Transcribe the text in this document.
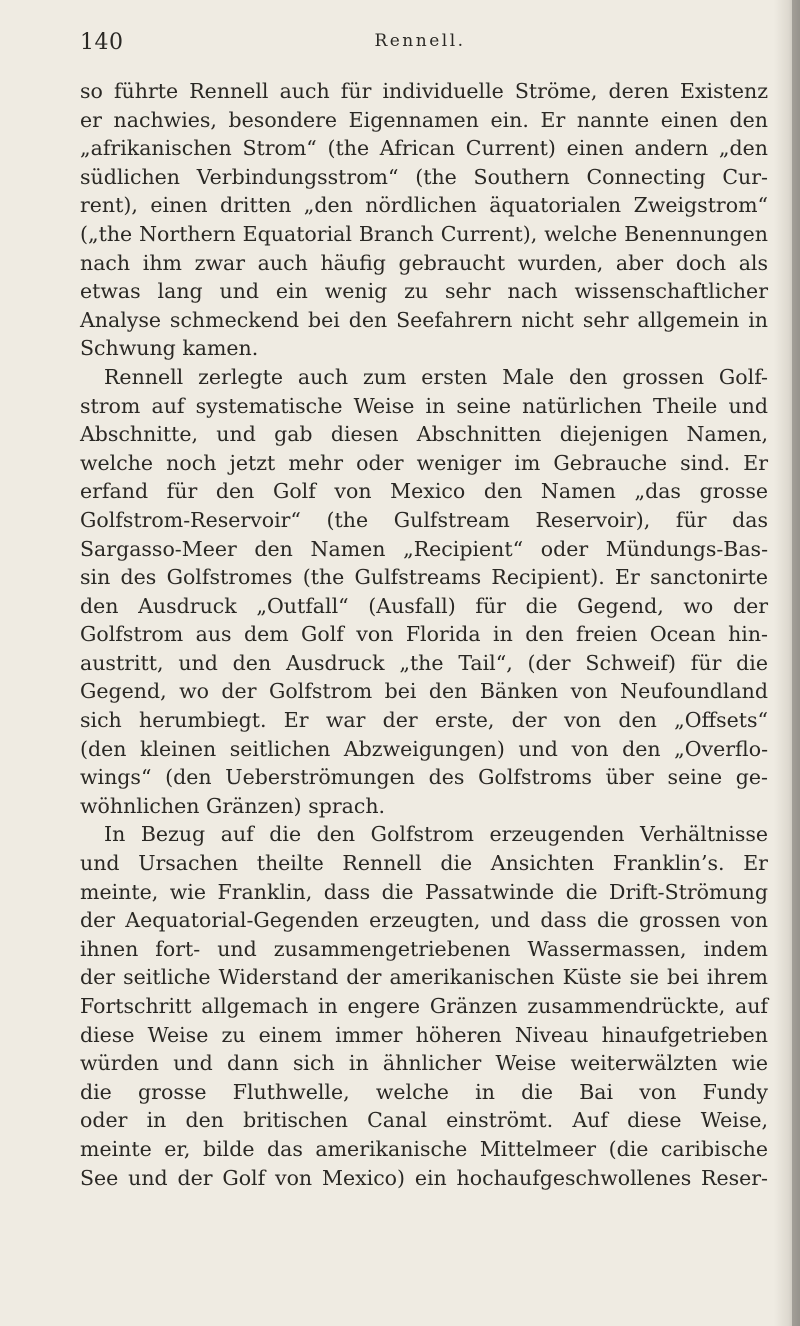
140	Rennell.
so führte Rennell auch für individuelle Ströme, deren Existenz
er nachwies, besondere Eigennamen ein. Er nannte einen den
„afrikanischen Strom“ (the African Current) einen andern „den
südlichen Verbindungsstrom“ (the Southern Connecting Cur-
rent), einen dritten „den nördlichen äquatorialen Zweigstrom“
(„the Northern Equatorial Branch Current), welche Benennungen
nach ihm zwar auch häufig gebraucht wurden, aber doch als
etwas lang und ein wenig zu sehr nach wissenschaftlicher
Analyse schmeckend bei den Seefahrern nicht sehr allgemein in
Schwung kamen.
Rennell zerlegte auch zum ersten Male den grossen Golf-
strom auf systematische Weise in seine natürlichen Theile und
Abschnitte, und gab diesen Abschnitten diejenigen Namen,
welche noch jetzt mehr oder weniger im Gebrauche sind. Er
erfand für den Golf von Mexico den Namen „das grosse
Golfstrom-Reservoir“ (the Gulfstream Reservoir), für das
Sargasso-Meer den Namen „Recipient“ oder Mündungs-Bas-
sin des Golfstromes (the Gulfstreams Recipient). Er sanctonirte
den Ausdruck „Outfall“ (Ausfall) für die Gegend, wo der
Golfstrom aus dem Golf von Florida in den freien Ocean hin-
austritt, und den Ausdruck „the Tail“, (der Schweif) für die
Gegend, wo der Golfstrom bei den Bänken von Neufoundland
sich herumbiegt. Er war der erste, der von den „Offsets“
(den kleinen seitlichen Abzweigungen) und von den „Overflo-
wings“ (den Ueberströmungen des Golfstroms über seine ge-
wöhnlichen Gränzen) sprach.
In Bezug auf die den Golfstrom erzeugenden Verhältnisse
und Ursachen theilte Rennell die Ansichten Franklin’s. Er
meinte, wie Franklin, dass die Passatwinde die Drift-Strömung
der Aequatorial-Gegenden erzeugten, und dass die grossen von
ihnen fort- und zusammengetriebenen Wassermassen, indem
der seitliche Widerstand der amerikanischen Küste sie bei ihrem
Fortschritt allgemach in engere Gränzen zusammendrückte, auf
diese Weise zu einem immer höheren Niveau hinaufgetrieben
würden und dann sich in ähnlicher Weise weiterwälzten wie
die grosse Fluthwelle, welche in die Bai von Fundy
oder in den britischen Canal einströmt. Auf diese Weise,
meinte er, bilde das amerikanische Mittelmeer (die caribische
See und der Golf von Mexico) ein hochaufgeschwollenes Reser-
